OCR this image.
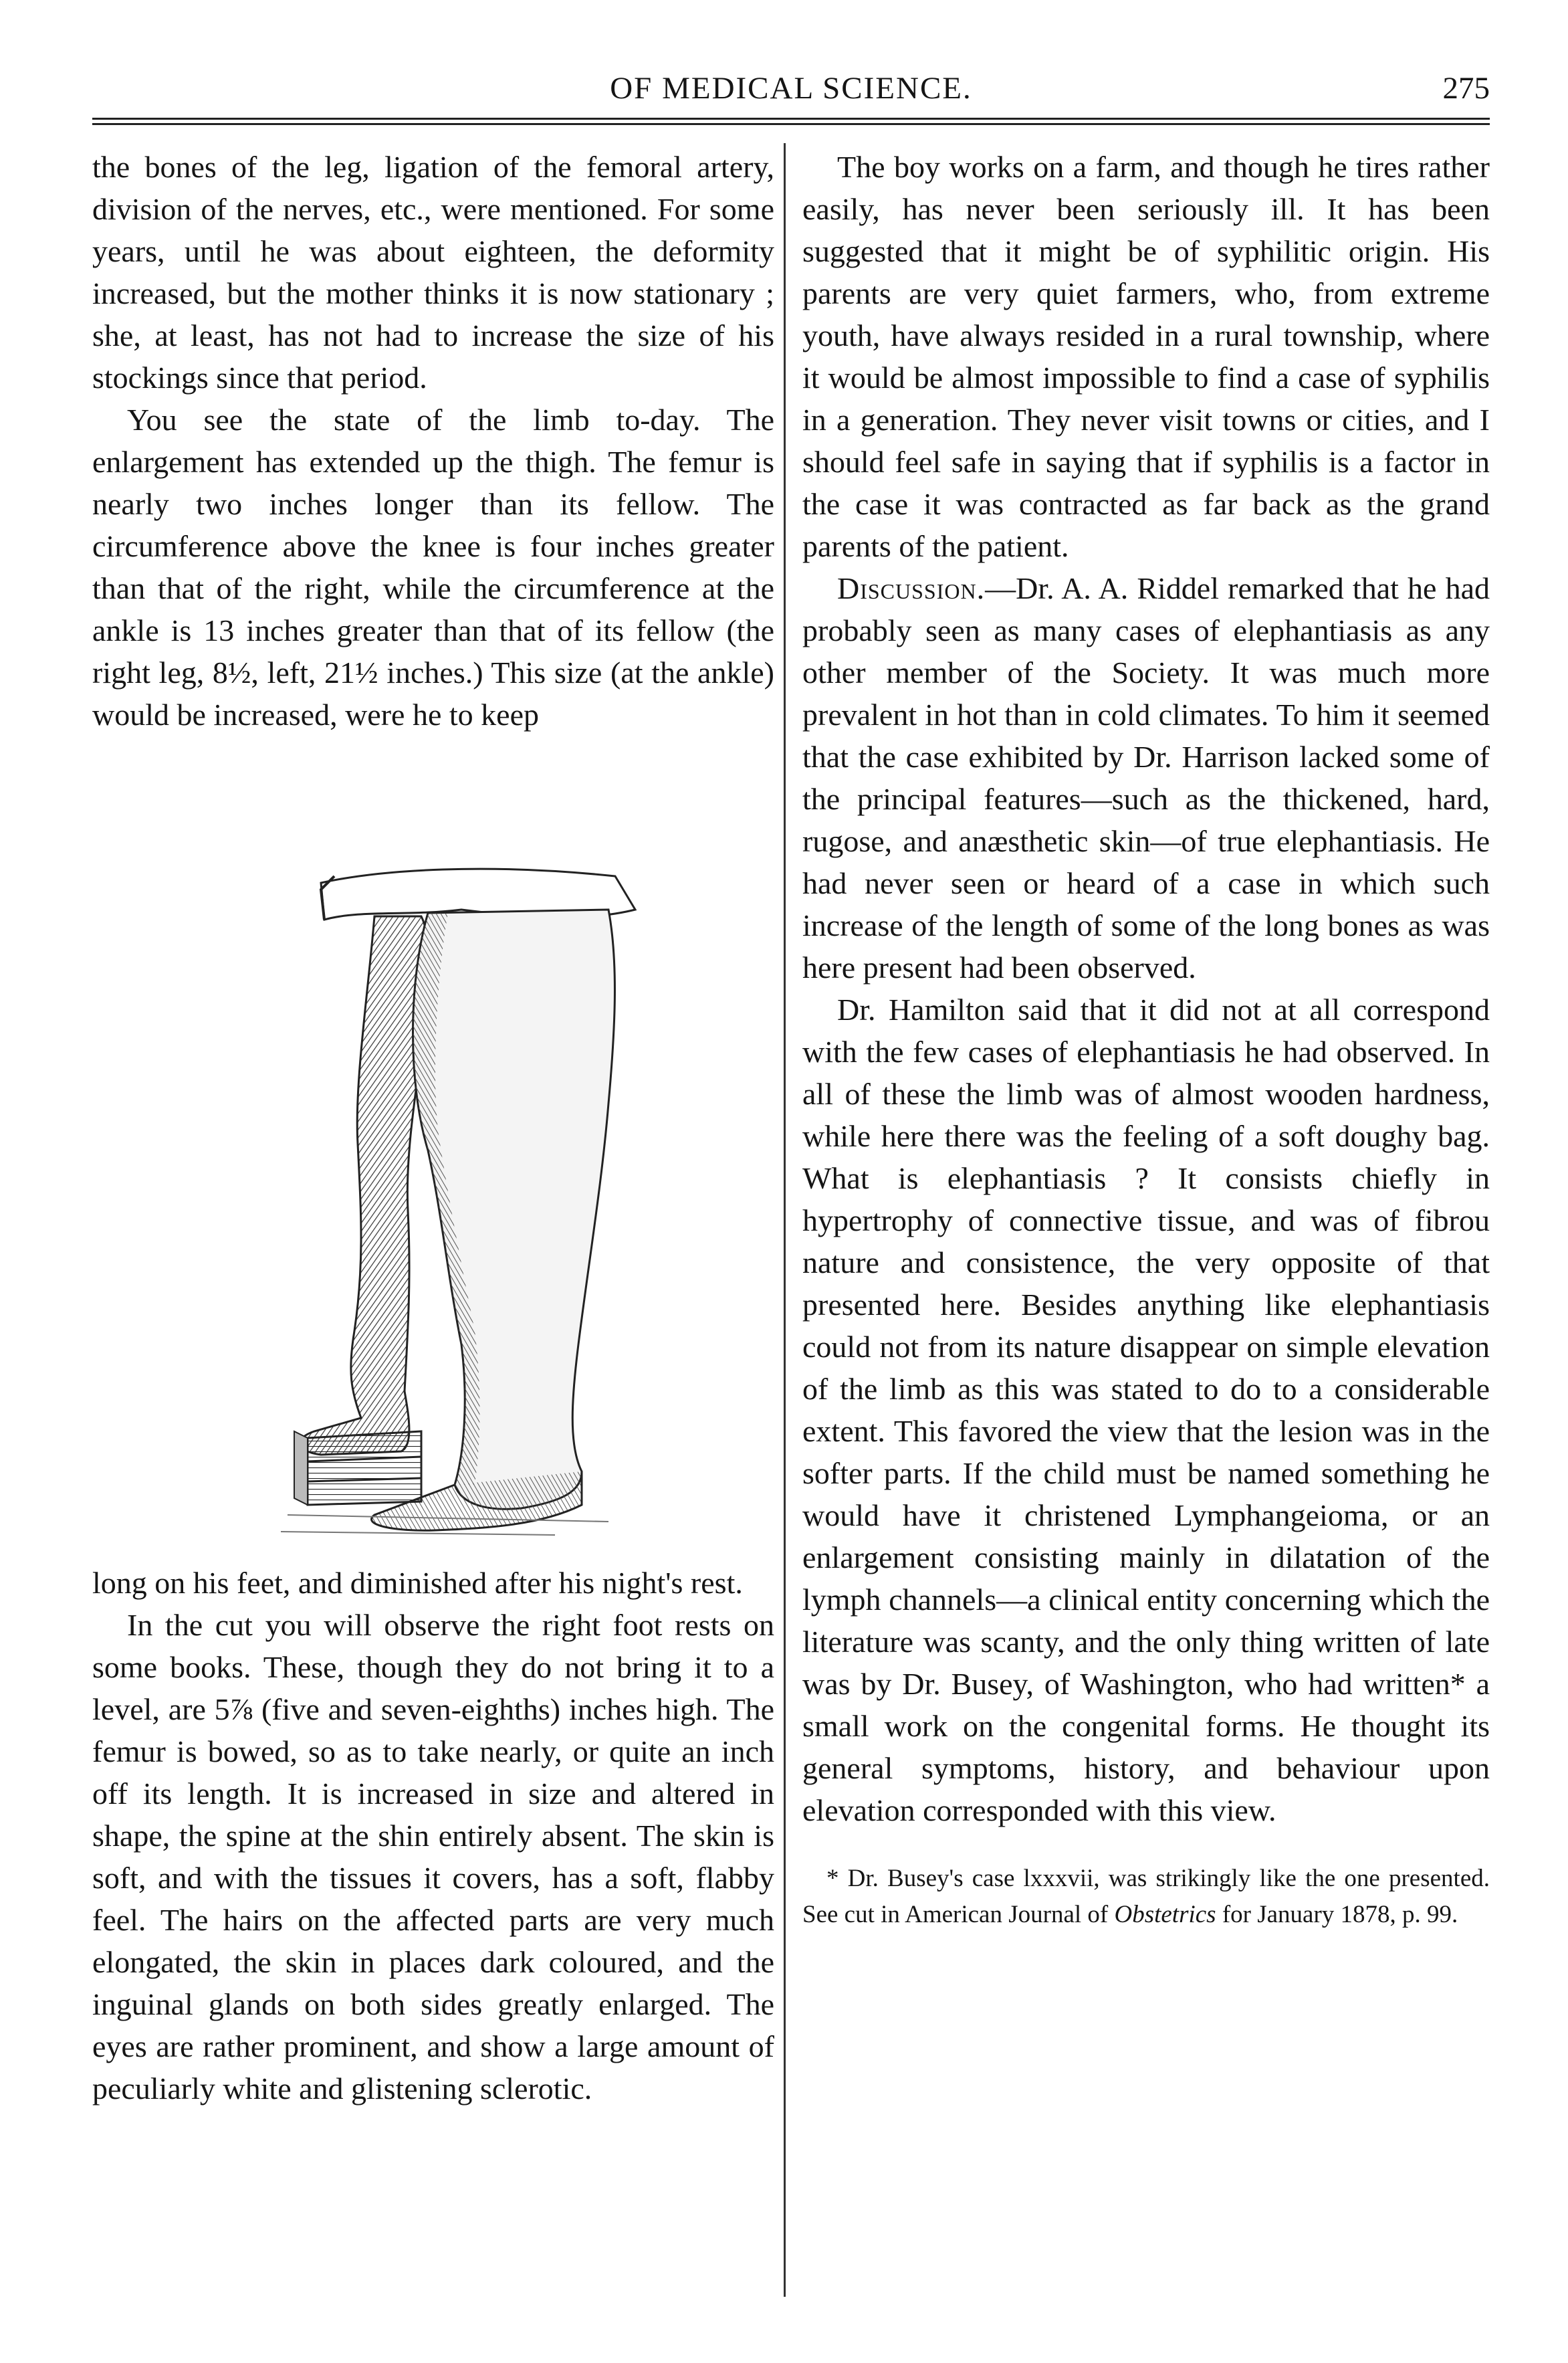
OF MEDICAL SCIENCE.	275

the bones of the leg, ligation of the femoral artery, division of the nerves, etc., were mentioned. For some years, until he was about eighteen, the deformity increased, but the mother thinks it is now stationary ; she, at least, has not had to increase the size of his stockings since that period.

You see the state of the limb to-day. The enlargement has extended up the thigh. The femur is nearly two inches longer than its fellow. The circumference above the knee is four inches greater than that of the right, while the circumference at the ankle is 13 inches greater than that of its fellow (the right leg, 8½, left, 21½ inches.) This size (at the ankle) would be increased, were he to keep

long on his feet, and diminished after his night's rest.

In the cut you will observe the right foot rests on some books. These, though they do not bring it to a level, are 5⅞ (five and seven-eighths) inches high. The femur is bowed, so as to take nearly, or quite an inch off its length. It is increased in size and altered in shape, the spine at the shin entirely absent. The skin is soft, and with the tissues it covers, has a soft, flabby feel. The hairs on the affected parts are very much elongated, the skin in places dark coloured, and the inguinal glands on both sides greatly enlarged. The eyes are rather prominent, and show a large amount of peculiarly white and glistening sclerotic.

The boy works on a farm, and though he tires rather easily, has never been seriously ill. It has been suggested that it might be of syphilitic origin. His parents are very quiet farmers, who, from extreme youth, have always resided in a rural township, where it would be almost impossible to find a case of syphilis in a generation. They never visit towns or cities, and I should feel safe in saying that if syphilis is a factor in the case it was contracted as far back as the grand parents of the patient.

Discussion.—Dr. A. A. Riddel remarked that he had probably seen as many cases of elephantiasis as any other member of the Society. It was much more prevalent in hot than in cold climates. To him it seemed that the case exhibited by Dr. Harrison lacked some of the principal features—such as the thickened, hard, rugose, and anæsthetic skin—of true elephantiasis. He had never seen or heard of a case in which such increase of the length of some of the long bones as was here present had been observed.

Dr. Hamilton said that it did not at all correspond with the few cases of elephantiasis he had observed. In all of these the limb was of almost wooden hardness, while here there was the feeling of a soft doughy bag. What is elephantiasis ? It consists chiefly in hypertrophy of connective tissue, and was of fibrou nature and consistence, the very opposite of that presented here. Besides anything like elephantiasis could not from its nature disappear on simple elevation of the limb as this was stated to do to a considerable extent. This favored the view that the lesion was in the softer parts. If the child must be named something he would have it christened Lymphangeioma, or an enlargement consisting mainly in dilatation of the lymph channels—a clinical entity concerning which the literature was scanty, and the only thing written of late was by Dr. Busey, of Washington, who had written* a small work on the congenital forms. He thought its general symptoms, history, and behaviour upon elevation corresponded with this view.

* Dr. Busey's case lxxxvii, was strikingly like the one presented. See cut in American Journal of Obstetrics for January 1878, p. 99.
